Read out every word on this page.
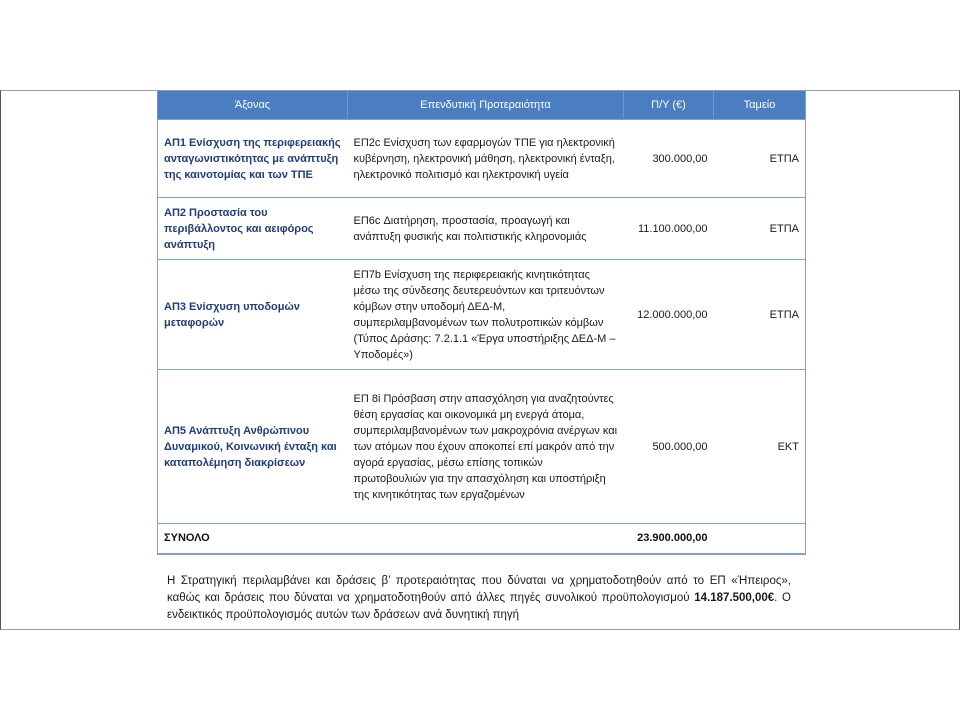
Άξονας	Επενδυτική Προτεραιότητα	Π/Υ (€)	Ταμείο
ΑΠ1 Ενίσχυση της περιφερειακής ανταγωνιστικότητας με ανάπτυξη της καινοτομίας και των ΤΠΕ	ΕΠ2c Ενίσχυση των εφαρμογών ΤΠΕ για ηλεκτρονική κυβέρνηση, ηλεκτρονική μάθηση, ηλεκτρονική ένταξη, ηλεκτρονικό πολιτισμό και ηλεκτρονική υγεία	300.000,00	ΕΤΠΑ
ΑΠ2 Προστασία του περιβάλλοντος και αειφόρος ανάπτυξη	ΕΠ6c Διατήρηση, προστασία, προαγωγή και ανάπτυξη φυσικής και πολιτιστικής κληρονομιάς	11.100.000,00	ΕΤΠΑ
ΑΠ3 Ενίσχυση υποδομών μεταφορών	ΕΠ7b Ενίσχυση της περιφερειακής κινητικότητας μέσω της σύνδεσης δευτερευόντων και τριτευόντων κόμβων στην υποδομή ΔΕΔ-Μ, συμπεριλαμβανομένων των πολυτροπικών κόμβων (Τύπος Δράσης: 7.2.1.1 «Έργα υποστήριξης ΔΕΔ-Μ – Υποδομές»)	12.000.000,00	ΕΤΠΑ
ΑΠ5 Ανάπτυξη Ανθρώπινου Δυναμικού, Κοινωνική ένταξη και καταπολέμηση διακρίσεων	ΕΠ 8i Πρόσβαση στην απασχόληση για αναζητούντες θέση εργασίας και οικονομικά μη ενεργά άτομα, συμπεριλαμβανομένων των μακροχρόνια ανέργων και των ατόμων που έχουν αποκοπεί επί μακρόν από την αγορά εργασίας, μέσω επίσης τοπικών πρωτοβουλιών για την απασχόληση και υποστήριξη της κινητικότητας των εργαζομένων	500.000,00	ΕΚΤ
ΣΥΝΟΛΟ		23.900.000,00	
Η Στρατηγική περιλαμβάνει και δράσεις β’ προτεραιότητας που δύναται να χρηματοδοτηθούν από το ΕΠ «Ήπειρος», καθώς και δράσεις που δύναται να χρηματοδοτηθούν από άλλες πηγές συνολικού προϋπολογισμού 14.187.500,00€. Ο ενδεικτικός προϋπολογισμός αυτών των δράσεων ανά δυνητική πηγή
